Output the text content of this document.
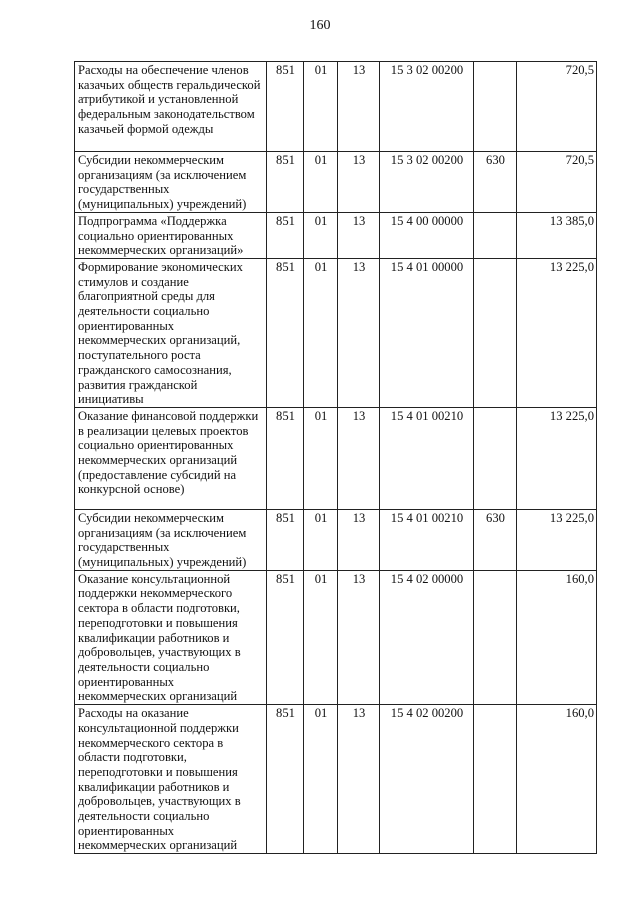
160
Расходы на обеспечение членов казачьих обществ геральдической атрибутикой и установленной федеральным законодательством казачьей формой одежды	851	01	13	15 3 02 00200		720,5
Субсидии некоммерческим организациям (за исключением государственных (муниципальных) учреждений)	851	01	13	15 3 02 00200	630	720,5
Подпрограмма «Поддержка социально ориентированных некоммерческих организаций»	851	01	13	15 4 00 00000		13 385,0
Формирование экономических стимулов и создание благоприятной среды для деятельности социально ориентированных некоммерческих организаций, поступательного роста гражданского самосознания, развития гражданской инициативы	851	01	13	15 4 01 00000		13 225,0
Оказание финансовой поддержки в реализации целевых проектов социально ориентированных некоммерческих организаций (предоставление субсидий на конкурсной основе)	851	01	13	15 4 01 00210		13 225,0
Субсидии некоммерческим организациям (за исключением государственных (муниципальных) учреждений)	851	01	13	15 4 01 00210	630	13 225,0
Оказание консультационной поддержки некоммерческого сектора в области подготовки, переподготовки и повышения квалификации работников и добровольцев, участвующих в деятельности социально ориентированных некоммерческих организаций	851	01	13	15 4 02 00000		160,0
Расходы на оказание консультационной поддержки некоммерческого сектора в области подготовки, переподготовки и повышения квалификации работников и добровольцев, участвующих в деятельности социально ориентированных некоммерческих организаций	851	01	13	15 4 02 00200		160,0
